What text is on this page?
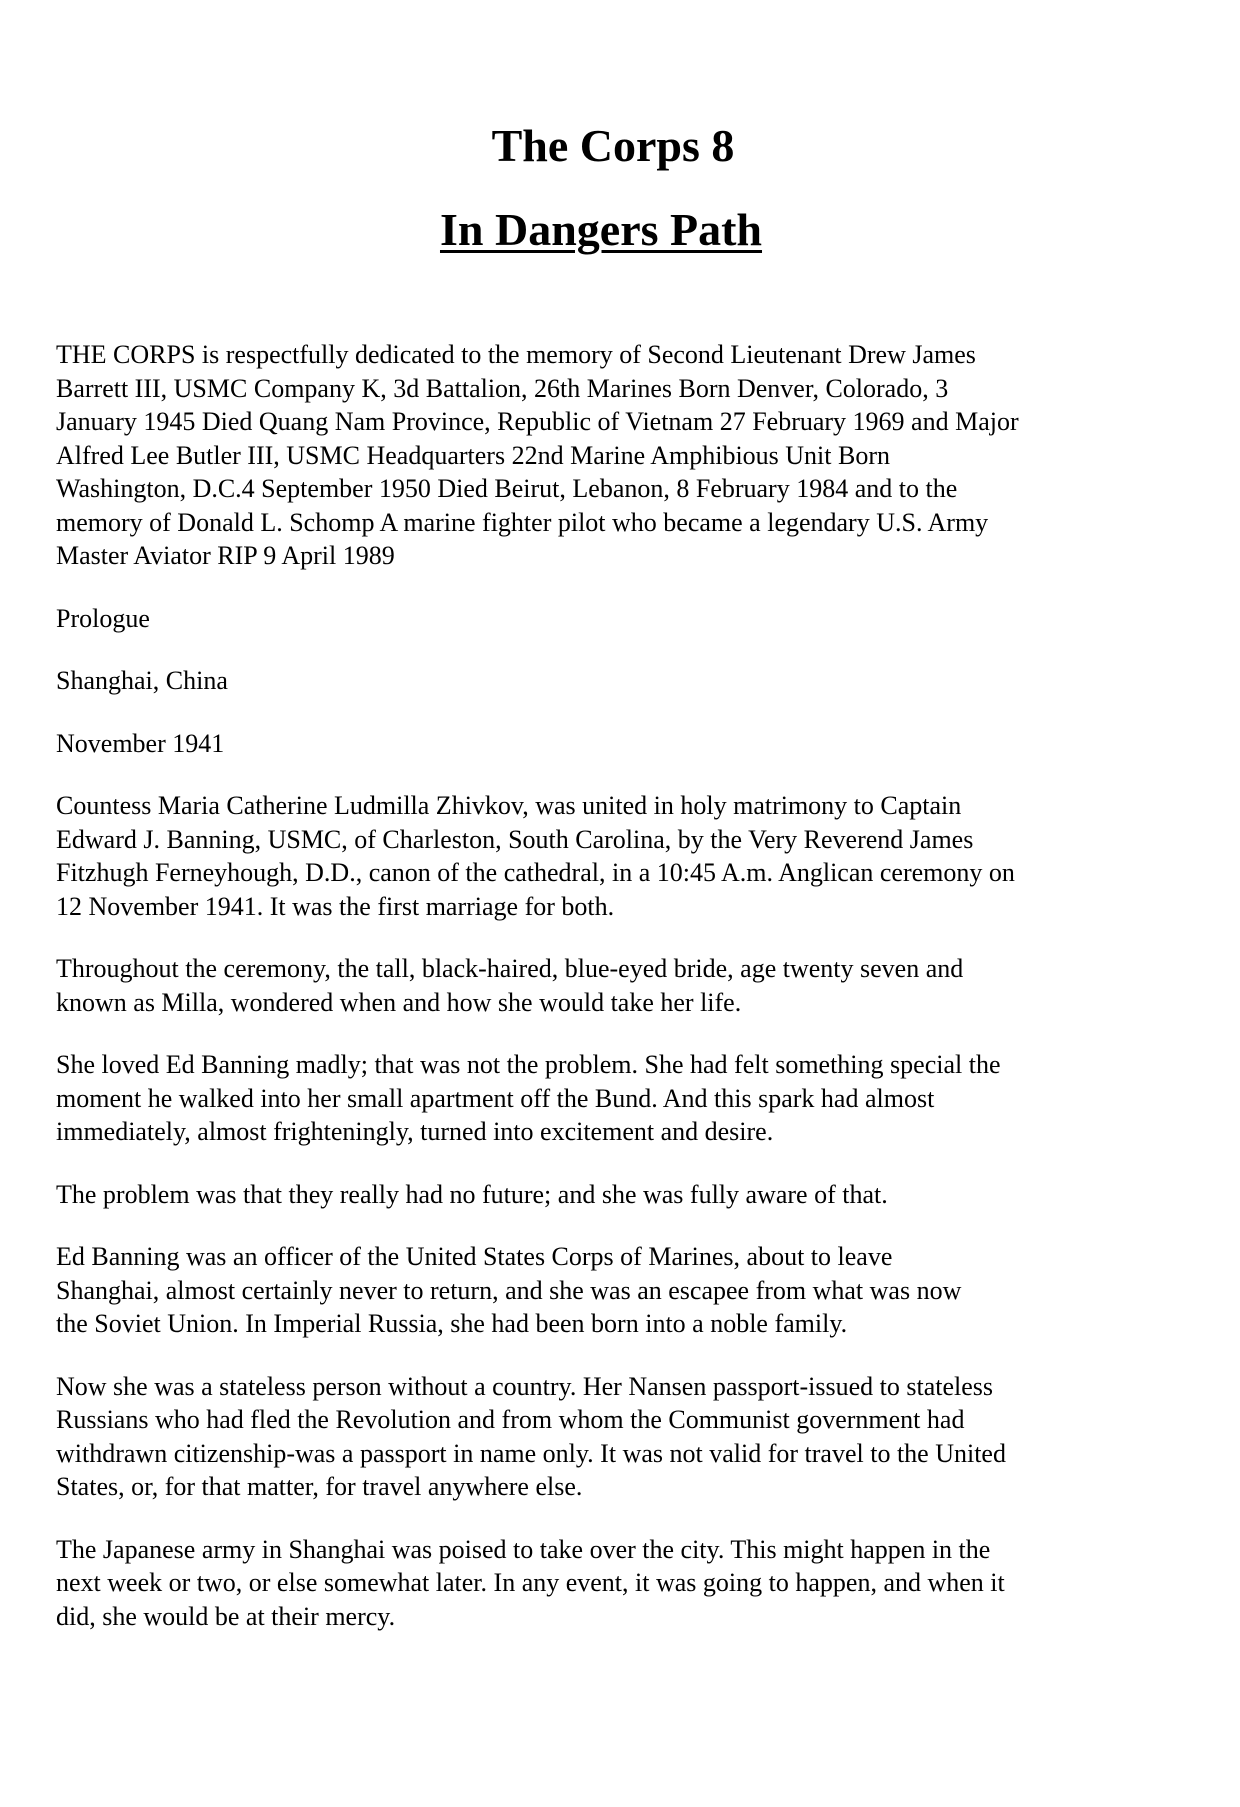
The Corps 8
In Dangers Path

THE CORPS is respectfully dedicated to the memory of Second Lieutenant Drew James
Barrett III, USMC Company K, 3d Battalion, 26th Marines Born Denver, Colorado, 3
January 1945 Died Quang Nam Province, Republic of Vietnam 27 February 1969 and Major
Alfred Lee Butler III, USMC Headquarters 22nd Marine Amphibious Unit Born
Washington, D.C.4 September 1950 Died Beirut, Lebanon, 8 February 1984 and to the
memory of Donald L. Schomp A marine fighter pilot who became a legendary U.S. Army
Master Aviator RIP 9 April 1989

Prologue

Shanghai, China

November 1941

Countess Maria Catherine Ludmilla Zhivkov, was united in holy matrimony to Captain
Edward J. Banning, USMC, of Charleston, South Carolina, by the Very Reverend James
Fitzhugh Ferneyhough, D.D., canon of the cathedral, in a 10:45 A.m. Anglican ceremony on
12 November 1941. It was the first marriage for both.

Throughout the ceremony, the tall, black-haired, blue-eyed bride, age twenty seven and
known as Milla, wondered when and how she would take her life.

She loved Ed Banning madly; that was not the problem. She had felt something special the
moment he walked into her small apartment off the Bund. And this spark had almost
immediately, almost frighteningly, turned into excitement and desire.

The problem was that they really had no future; and she was fully aware of that.

Ed Banning was an officer of the United States Corps of Marines, about to leave
Shanghai, almost certainly never to return, and she was an escapee from what was now
the Soviet Union. In Imperial Russia, she had been born into a noble family.

Now she was a stateless person without a country. Her Nansen passport-issued to stateless
Russians who had fled the Revolution and from whom the Communist government had
withdrawn citizenship-was a passport in name only. It was not valid for travel to the United
States, or, for that matter, for travel anywhere else.

The Japanese army in Shanghai was poised to take over the city. This might happen in the
next week or two, or else somewhat later. In any event, it was going to happen, and when it
did, she would be at their mercy.
